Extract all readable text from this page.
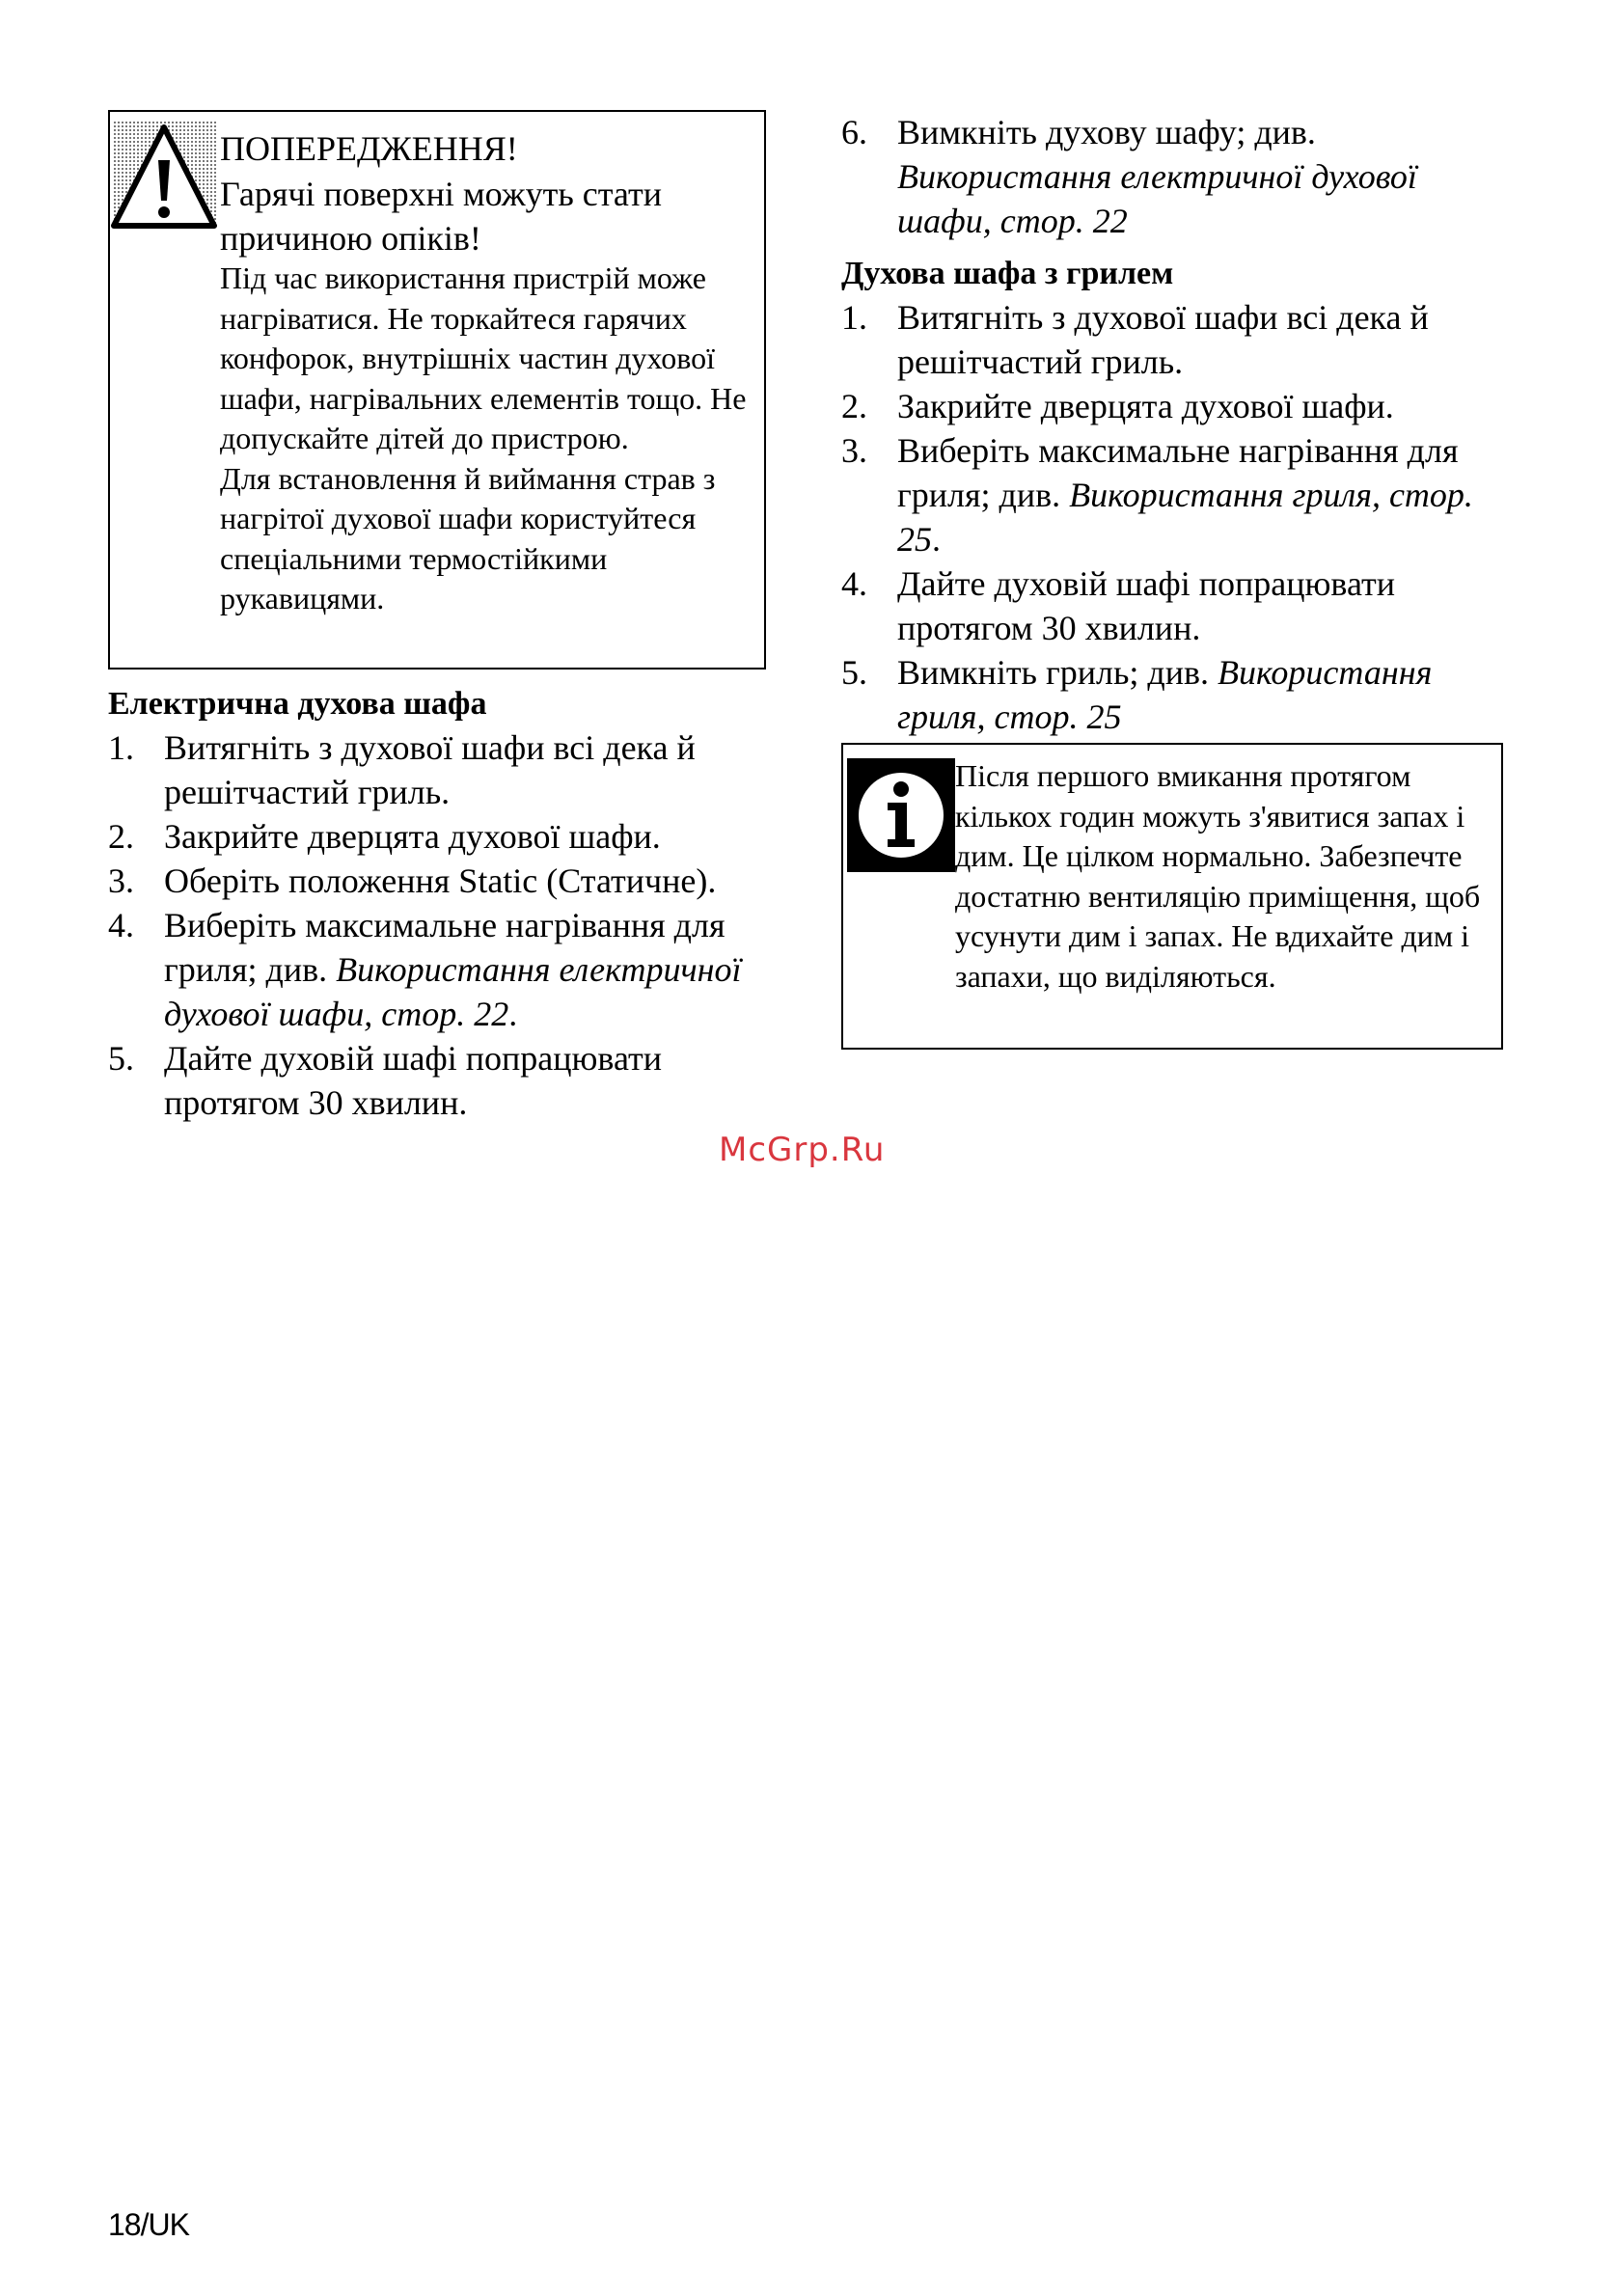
ПОПЕРЕДЖЕННЯ!
Гарячі поверхні можуть стати причиною опіків!

Під час використання пристрій може нагріватися. Не торкайтеся гарячих конфорок, внутрішніх частин духової шафи, нагрівальних елементів тощо. Не допускайте дітей до пристрою.

Для встановлення й виймання страв з нагрітої духової шафи користуйтеся спеціальними термостійкими рукавицями.

Електрична духова шафа
1. Витягніть з духової шафи всі дека й решітчастий гриль.
2. Закрийте дверцята духової шафи.
3. Оберіть положення Static (Статичне).
4. Виберіть максимальне нагрівання для гриля; див. Використання електричної духової шафи, стор. 22.
5. Дайте духовій шафі попрацювати протягом 30 хвилин.
6. Вимкніть духову шафу; див. Використання електричної духової шафи, стор. 22
Духова шафа з грилем
1. Витягніть з духової шафи всі дека й решітчастий гриль.
2. Закрийте дверцята духової шафи.
3. Виберіть максимальне нагрівання для гриля; див. Використання гриля, стор. 25.
4. Дайте духовій шафі попрацювати протягом 30 хвилин.
5. Вимкніть гриль; див. Використання гриля, стор. 25
Після першого вмикання протягом кількох годин можуть з'явитися запах і дим. Це цілком нормально. Забезпечте достатню вентиляцію приміщення, щоб усунути дим і запах. Не вдихайте дим і запахи, що виділяються.
McGrp.Ru
18/UK
